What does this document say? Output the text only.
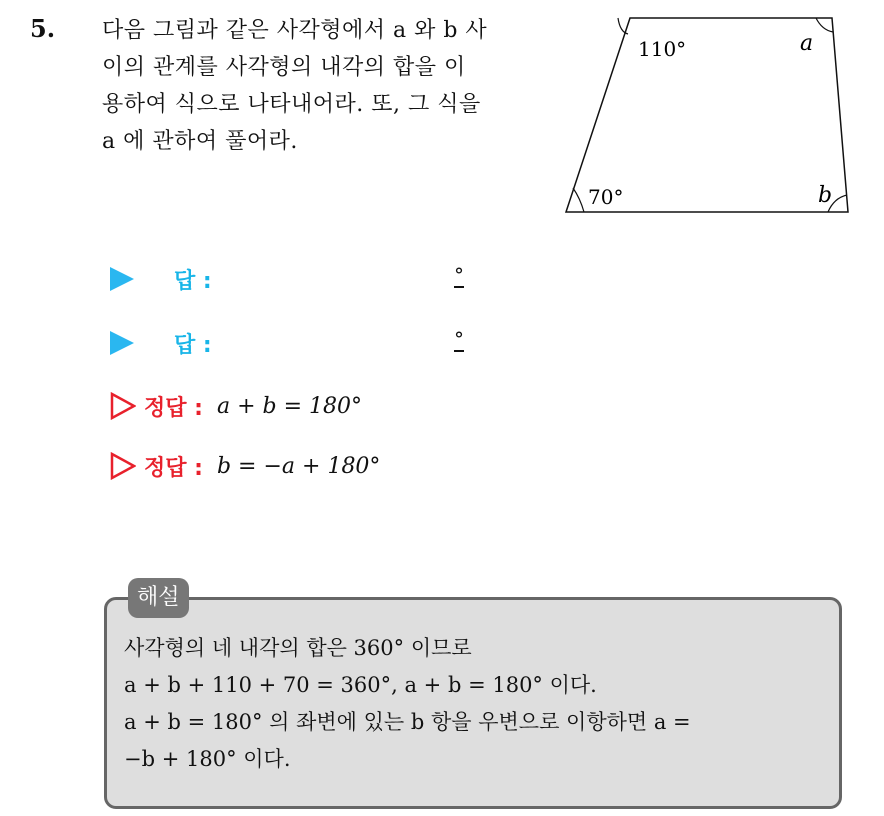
5. 다음 그림과 같은 사각형에서 a 와 b 사
이의 관계를 사각형의 내각의 합을 이
용하여 식으로 나타내어라. 또, 그 식을
a 에 관하여 풀어라.
110°	a
70°	b
답 :	°
답 :	°
정답 : a + b = 180°
정답 : b = −a + 180°
해설
사각형의 네 내각의 합은 360° 이므로
a + b + 110 + 70 = 360°, a + b = 180° 이다.
a + b = 180° 의 좌변에 있는 b 항을 우변으로 이항하면 a =
−b + 180° 이다.
